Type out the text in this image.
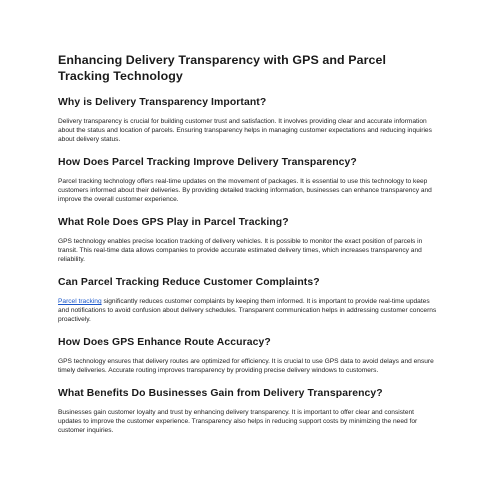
Enhancing Delivery Transparency with GPS and Parcel Tracking Technology
Why is Delivery Transparency Important?

Delivery transparency is crucial for building customer trust and satisfaction. It involves providing clear and accurate information about the status and location of parcels. Ensuring transparency helps in managing customer expectations and reducing inquiries about delivery status.

How Does Parcel Tracking Improve Delivery Transparency?

Parcel tracking technology offers real-time updates on the movement of packages. It is essential to use this technology to keep customers informed about their deliveries. By providing detailed tracking information, businesses can enhance transparency and improve the overall customer experience.

What Role Does GPS Play in Parcel Tracking?

GPS technology enables precise location tracking of delivery vehicles. It is possible to monitor the exact position of parcels in transit. This real-time data allows companies to provide accurate estimated delivery times, which increases transparency and reliability.

Can Parcel Tracking Reduce Customer Complaints?

Parcel tracking significantly reduces customer complaints by keeping them informed. It is important to provide real-time updates and notifications to avoid confusion about delivery schedules. Transparent communication helps in addressing customer concerns proactively.

How Does GPS Enhance Route Accuracy?

GPS technology ensures that delivery routes are optimized for efficiency. It is crucial to use GPS data to avoid delays and ensure timely deliveries. Accurate routing improves transparency by providing precise delivery windows to customers.

What Benefits Do Businesses Gain from Delivery Transparency?

Businesses gain customer loyalty and trust by enhancing delivery transparency. It is important to offer clear and consistent updates to improve the customer experience. Transparency also helps in reducing support costs by minimizing the need for customer inquiries.
